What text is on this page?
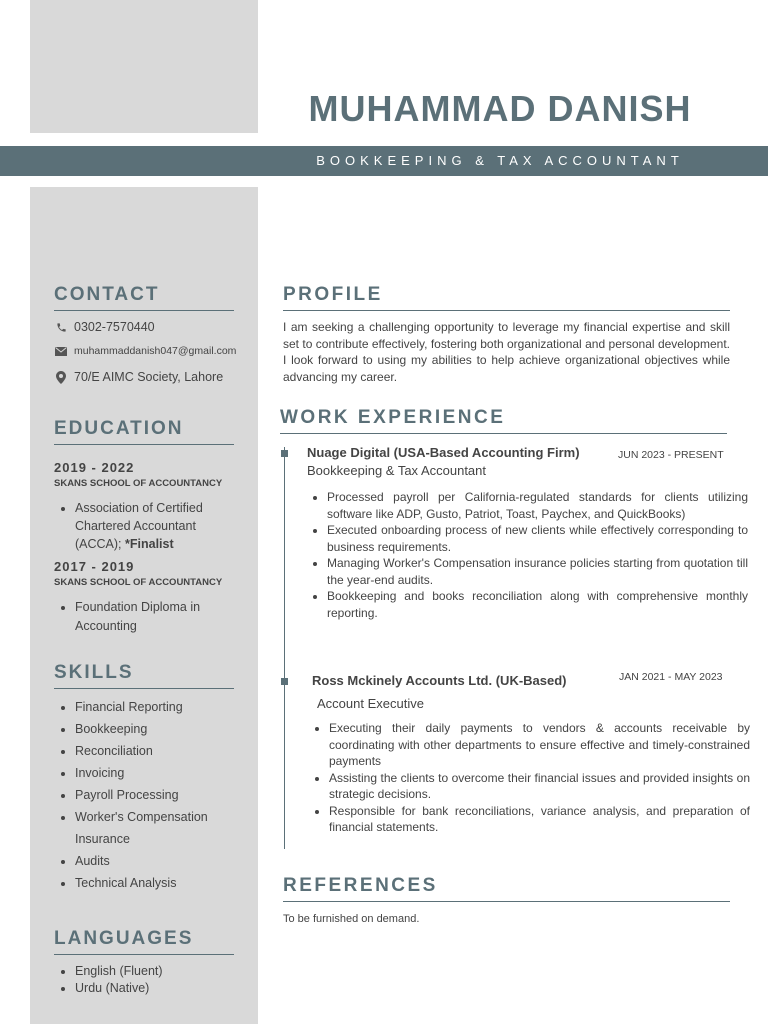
MUHAMMAD DANISH
BOOKKEEPING & TAX ACCOUNTANT
CONTACT
0302-7570440
muhammaddanish047@gmail.com
70/E AIMC Society, Lahore
EDUCATION
2019 - 2022
SKANS SCHOOL OF ACCOUNTANCY
• Association of Certified Chartered Accountant (ACCA); *Finalist
2017 - 2019
SKANS SCHOOL OF ACCOUNTANCY
• Foundation Diploma in Accounting
SKILLS
• Financial Reporting
• Bookkeeping
• Reconciliation
• Invoicing
• Payroll Processing
• Worker's Compensation Insurance
• Audits
• Technical Analysis
LANGUAGES
• English (Fluent)
• Urdu (Native)
PROFILE
I am seeking a challenging opportunity to leverage my financial expertise and skill set to contribute effectively, fostering both organizational and personal development. I look forward to using my abilities to help achieve organizational objectives while advancing my career.
WORK EXPERIENCE
Nuage Digital (USA-Based Accounting Firm)	JUN 2023 - PRESENT
Bookkeeping & Tax Accountant
• Processed payroll per California-regulated standards for clients utilizing software like ADP, Gusto, Patriot, Toast, Paychex, and QuickBooks)
• Executed onboarding process of new clients while effectively corresponding to business requirements.
• Managing Worker's Compensation insurance policies starting from quotation till the year-end audits.
• Bookkeeping and books reconciliation along with comprehensive monthly reporting.
Ross Mckinely Accounts Ltd. (UK-Based)	JAN 2021 - MAY 2023
Account Executive
• Executing their daily payments to vendors & accounts receivable by coordinating with other departments to ensure effective and timely-constrained payments
• Assisting the clients to overcome their financial issues and provided insights on strategic decisions.
• Responsible for bank reconciliations, variance analysis, and preparation of financial statements.
REFERENCES
To be furnished on demand.
